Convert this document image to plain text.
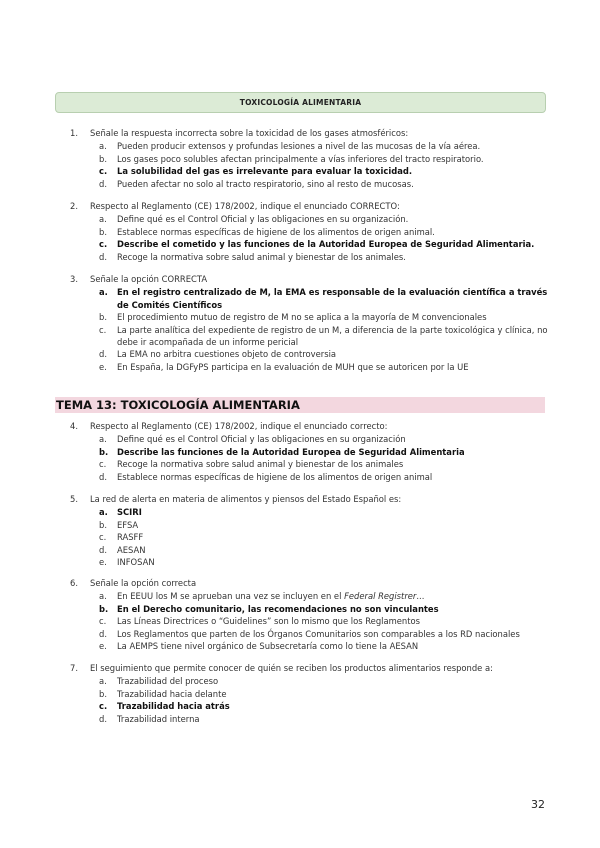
TOXICOLOGÍA ALIMENTARIA
1.	Señale la respuesta incorrecta sobre la toxicidad de los gases atmosféricos:
a.	Pueden producir extensos y profundas lesiones a nivel de las mucosas de la vía aérea.
b.	Los gases poco solubles afectan principalmente a vías inferiores del tracto respiratorio.
c.	La solubilidad del gas es irrelevante para evaluar la toxicidad.
d.	Pueden afectar no solo al tracto respiratorio, sino al resto de mucosas.
2.	Respecto al Reglamento (CE) 178/2002, indique el enunciado CORRECTO:
a.	Define qué es el Control Oficial y las obligaciones en su organización.
b.	Establece normas específicas de higiene de los alimentos de origen animal.
c.	Describe el cometido y las funciones de la Autoridad Europea de Seguridad Alimentaria.
d.	Recoge la normativa sobre salud animal y bienestar de los animales.
3.	Señale la opción CORRECTA
a.	En el registro centralizado de M, la EMA es responsable de la evaluación científica a través de Comités Científicos
b.	El procedimiento mutuo de registro de M no se aplica a la mayoría de M convencionales
c.	La parte analítica del expediente de registro de un M, a diferencia de la parte toxicológica y clínica, no debe ir acompañada de un informe pericial
d.	La EMA no arbitra cuestiones objeto de controversia
e.	En España, la DGFyPS participa en la evaluación de MUH que se autoricen por la UE
TEMA 13: TOXICOLOGÍA ALIMENTARIA
4.	Respecto al Reglamento (CE) 178/2002, indique el enunciado correcto:
a.	Define qué es el Control Oficial y las obligaciones en su organización
b.	Describe las funciones de la Autoridad Europea de Seguridad Alimentaria
c.	Recoge la normativa sobre salud animal y bienestar de los animales
d.	Establece normas específicas de higiene de los alimentos de origen animal
5.	La red de alerta en materia de alimentos y piensos del Estado Español es:
a.	SCIRI
b.	EFSA
c.	RASFF
d.	AESAN
e.	INFOSAN
6.	Señale la opción correcta
a.	En EEUU los M se aprueban una vez se incluyen en el Federal Registrer...
b.	En el Derecho comunitario, las recomendaciones no son vinculantes
c.	Las Líneas Directrices o “Guidelines” son lo mismo que los Reglamentos
d.	Los Reglamentos que parten de los Órganos Comunitarios son comparables a los RD nacionales
e.	La AEMPS tiene nivel orgánico de Subsecretaría como lo tiene la AESAN
7.	El seguimiento que permite conocer de quién se reciben los productos alimentarios responde a:
a.	Trazabilidad del proceso
b.	Trazabilidad hacia delante
c.	Trazabilidad hacia atrás
d.	Trazabilidad interna
32
